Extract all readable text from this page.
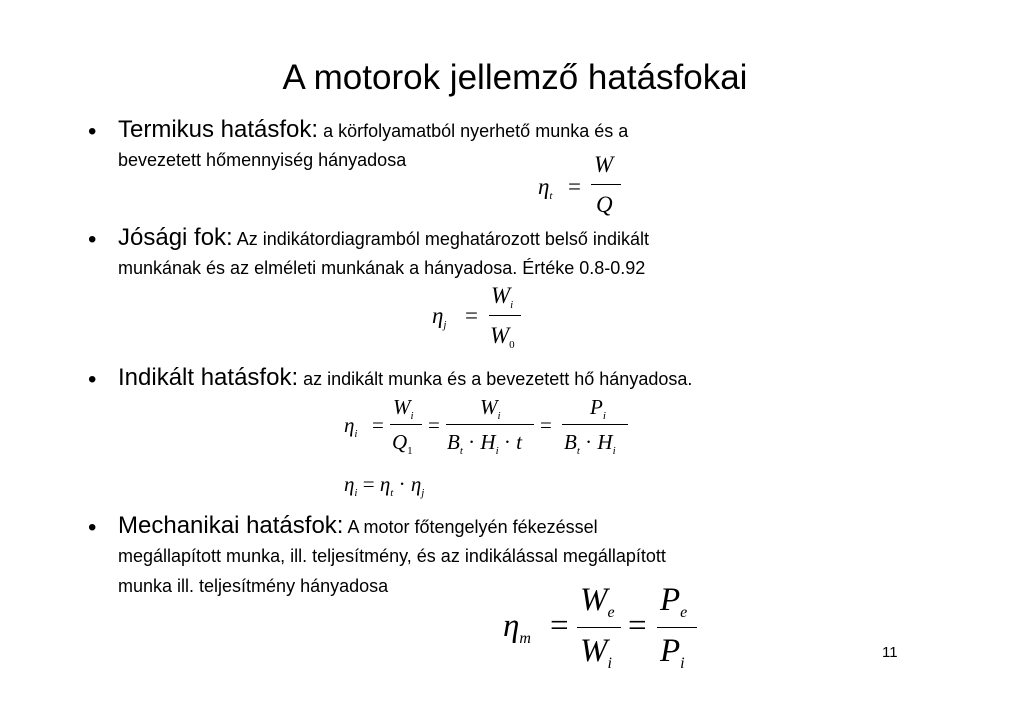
A motorok jellemző hatásfokai
• Termikus hatásfok: a körfolyamatból nyerhető munka és a
bevezetett hőmennyiség hányadosa
$\eta_t$ =
W
Q
• Jósági fok: Az indikátordiagramból meghatározott belső indikált
munkának és az elméleti munkának a hányadosa. Értéke 0.8-0.92
$\eta_j$ =
$W_i$
$W_0$
• Indikált hatásfok: az indikált munka és a bevezetett hő hányadosa.
$\eta_i$ =
$W_i$
$Q_1$
=
$W_i$
$B_t \cdot H_i \cdot t$
=
$P_i$
$B_t \cdot H_i$
$\eta_i = \eta_t \cdot \eta_j$
• Mechanikai hatásfok: A motor főtengelyén fékezéssel
megállapított munka, ill. teljesítmény, és az indikálással megállapított
munka ill. teljesítmény hányadosa
$\eta_m$ =
$W_e$
$W_i$
=
$P_e$
$P_i$
11
